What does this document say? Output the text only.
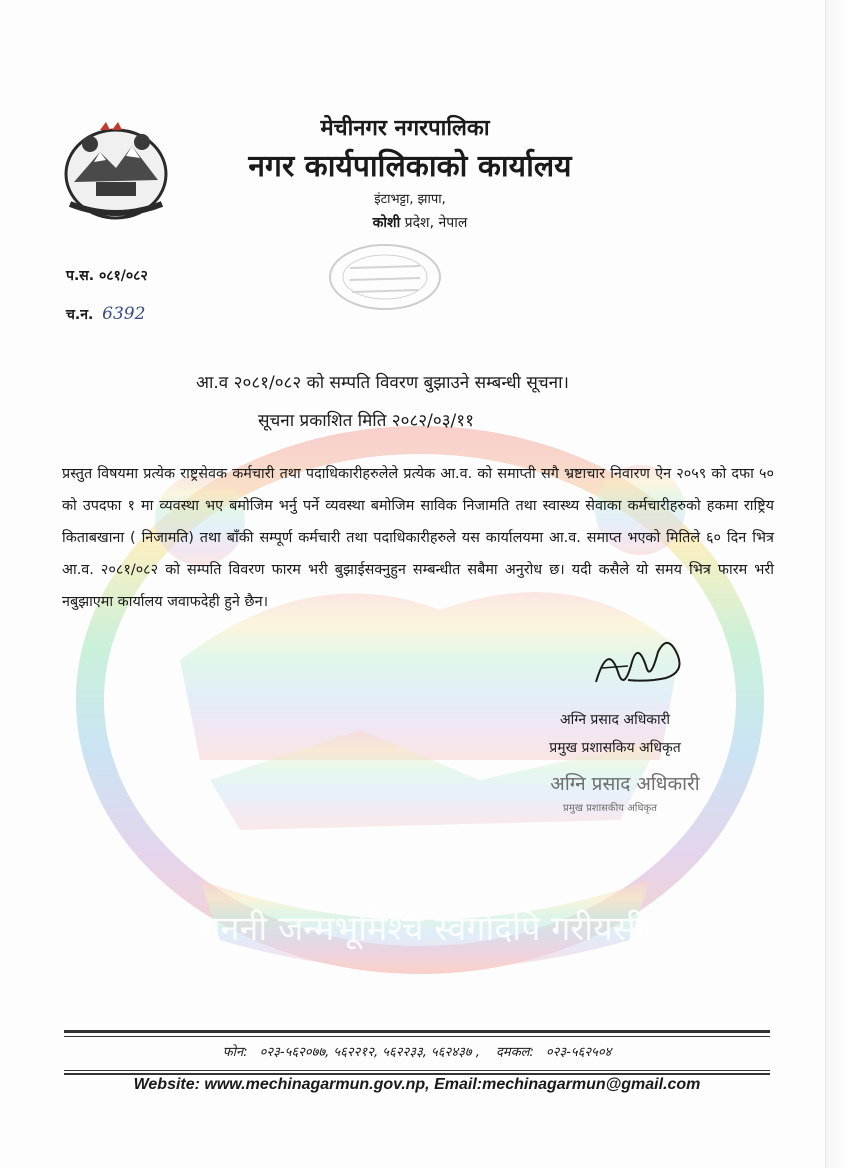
जननी जन्मभूमिश्च स्वर्गादपि गरीयसी
मेचीनगर नगरपालिका
नगर कार्यपालिकाको कार्यालय
इंटाभट्टा, झापा,
कोशी प्रदेश, नेपाल
प.स. ०८१/०८२
च.न. 6392
आ.व २०८१/०८२ को सम्पति विवरण बुझाउने सम्बन्धी सूचना।
सूचना प्रकाशित मिति २०८२/०३/११
प्रस्तुत विषयमा प्रत्येक राष्ट्रसेवक कर्मचारी तथा पदाधिकारीहरुलेले प्रत्येक आ.व. को समाप्ती सगै भ्रष्टाचार निवारण ऐन २०५९ को दफा ५० को उपदफा १ मा व्यवस्था भए बमोजिम भर्नु पर्ने व्यवस्था बमोजिम साविक निजामति तथा स्वास्थ्य सेवाका कर्मचारीहरुको हकमा राष्ट्रिय किताबखाना ( निजामति) तथा बाँकी सम्पूर्ण कर्मचारी तथा पदाधिकारीहरुले यस कार्यालयमा आ.व. समाप्त भएको मितिले ६० दिन भित्र आ.व. २०८१/०८२ को सम्पति विवरण फारम भरी बुझाईसक्नुहुन सम्बन्धीत सबैमा अनुरोध छ। यदी कसैले यो समय भित्र फारम भरी नबुझाएमा कार्यालय जवाफदेही हुने छैन।
अग्नि प्रसाद अधिकारी
प्रमुख प्रशासकिय अधिकृत
अग्नि प्रसाद अधिकारी
प्रमुख प्रशासकीय अधिकृत
फोन: ०२३-५६२०७७, ५६२२१२, ५६२२३३, ५६२४३७ , दमकल: ०२३-५६२५०४
Website: www.mechinagarmun.gov.np, Email:mechinagarmun@gmail.com
